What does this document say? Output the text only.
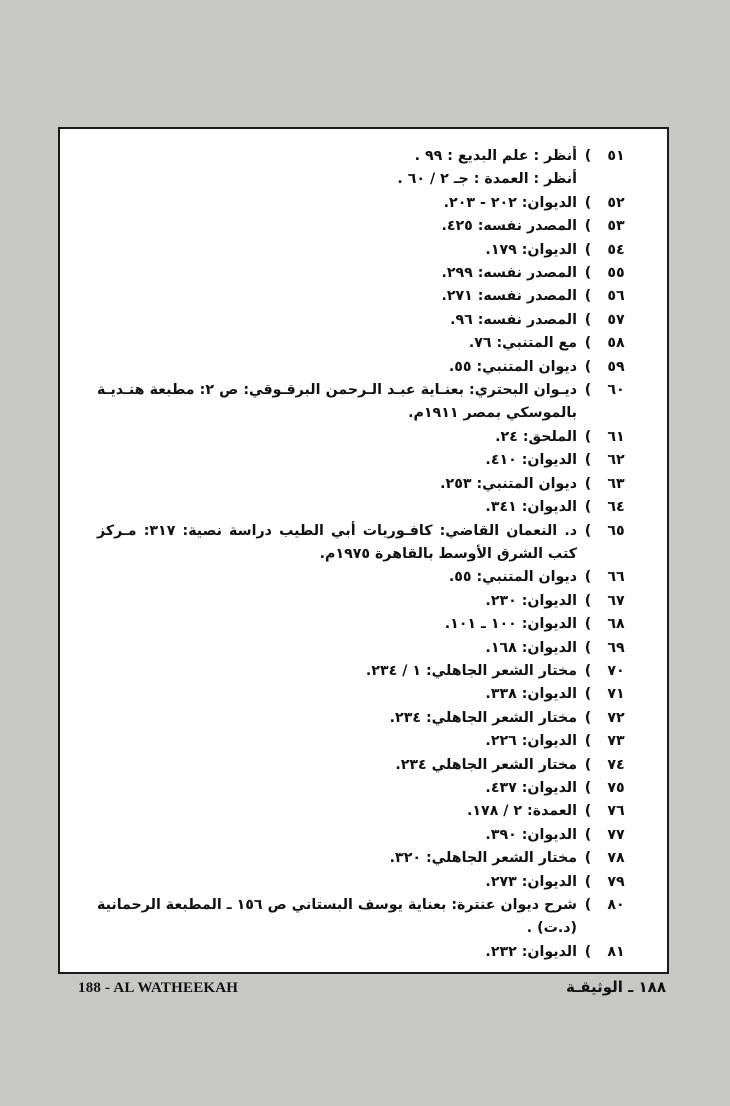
٥١
)
أنظر : علم البديع : ٩٩ .
أنظر : العمدة : جـ ٢ / ٦٠ .
٥٢
)
الديوان: ٢٠٢ - ٢٠٣.
٥٣
)
المصدر نفسه: ٤٢٥.
٥٤
)
الديوان: ١٧٩.
٥٥
)
المصدر نفسه: ٢٩٩.
٥٦
)
المصدر نفسه: ٢٧١.
٥٧
)
المصدر نفسه: ٩٦.
٥٨
)
مع المتنبي: ٧٦.
٥٩
)
ديوان المتنبي: ٥٥.
٦٠
)
ديـوان البحتري: بعنـاية عبـد الـرحمن البرقـوقي: ص ٢: مطبعة هنـديـة بالموسكي بمصر ١٩١١م.
٦١
)
الملحق: ٢٤.
٦٢
)
الديوان: ٤١٠.
٦٣
)
ديوان المتنبي: ٢٥٣.
٦٤
)
الديوان: ٣٤١.
٦٥
)
د. النعمان القاضي: كافـوريات أبي الطيب دراسة نصية: ٣١٧: مـركز كتب الشرق الأوسط بالقاهرة ١٩٧٥م.
٦٦
)
ديوان المتنبي: ٥٥.
٦٧
)
الديوان: ٢٣٠.
٦٨
)
الديوان: ١٠٠ ـ ١٠١.
٦٩
)
الديوان: ١٦٨.
٧٠
)
مختار الشعر الجاهلي: ١ / ٢٣٤.
٧١
)
الديوان: ٣٣٨.
٧٢
)
مختار الشعر الجاهلي: ٢٣٤.
٧٣
)
الديوان: ٢٢٦.
٧٤
)
مختار الشعر الجاهلي ٢٣٤.
٧٥
)
الديوان: ٤٣٧.
٧٦
)
العمدة: ٢ / ١٧٨.
٧٧
)
الديوان: ٣٩٠.
٧٨
)
مختار الشعر الجاهلي: ٣٢٠.
٧٩
)
الديوان: ٢٧٣.
٨٠
)
شرح ديوان عنترة: بعناية يوسف البستاني ص ١٥٦ ـ المطبعة الرحمانية (د.ت) .
٨١
)
الديوان: ٢٣٢.
188 - AL WATHEEKAH	١٨٨ ـ الوثيقـة
